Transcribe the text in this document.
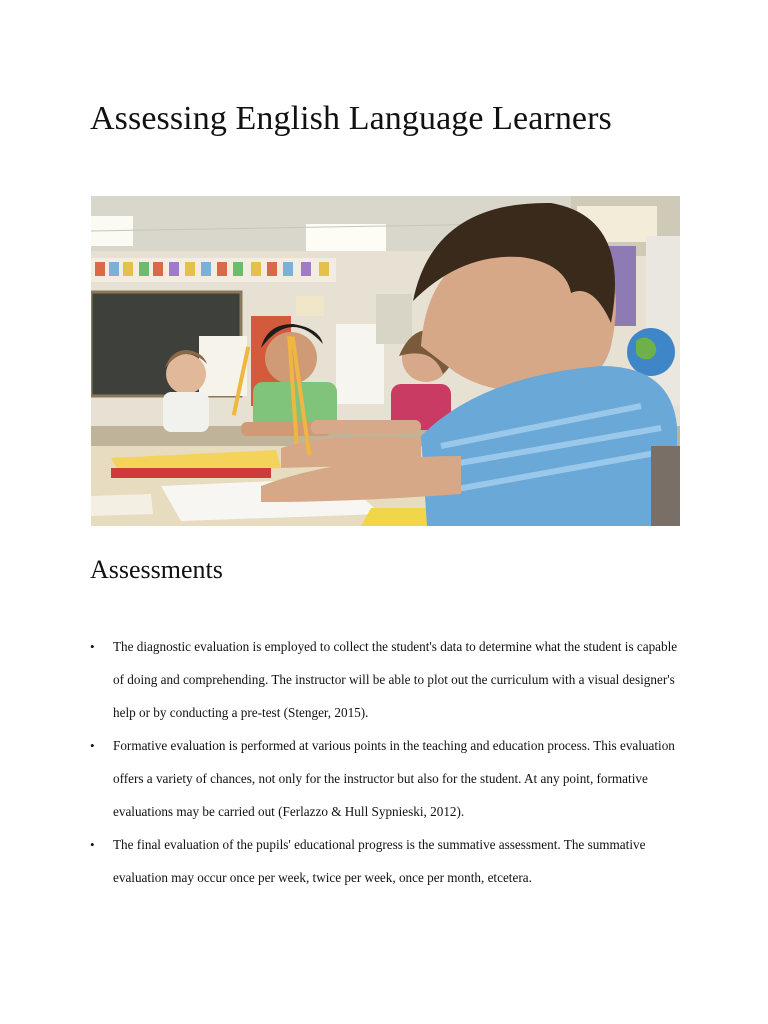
Assessing English Language Learners
Assessments
• The diagnostic evaluation is employed to collect the student's data to determine what the student is capable of doing and comprehending. The instructor will be able to plot out the curriculum with a visual designer's help or by conducting a pre-test (Stenger, 2015).
• Formative evaluation is performed at various points in the teaching and education process. This evaluation offers a variety of chances, not only for the instructor but also for the student. At any point, formative evaluations may be carried out (Ferlazzo & Hull Sypnieski, 2012).
• The final evaluation of the pupils' educational progress is the summative assessment. The summative evaluation may occur once per week, twice per week, once per month, etcetera.
